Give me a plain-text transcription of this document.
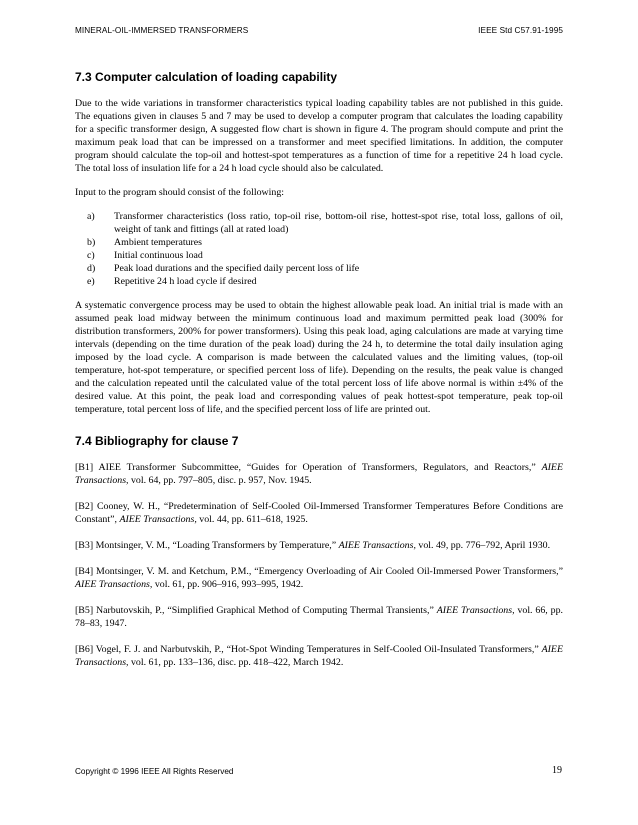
MINERAL-OIL-IMMERSED TRANSFORMERS	IEEE Std C57.91-1995
7.3 Computer calculation of loading capability

Due to the wide variations in transformer characteristics typical loading capability tables are not published in this guide. The equations given in clauses 5 and 7 may be used to develop a computer program that calculates the loading capability for a specific transformer design, A suggested flow chart is shown in figure 4. The program should compute and print the maximum peak load that can be impressed on a transformer and meet specified limitations. In addition, the computer program should calculate the top-oil and hottest-spot temperatures as a function of time for a repetitive 24 h load cycle. The total loss of insulation life for a 24 h load cycle should also be calculated.

Input to the program should consist of the following:

a) Transformer characteristics (loss ratio, top-oil rise, bottom-oil rise, hottest-spot rise, total loss, gallons of oil, weight of tank and fittings (all at rated load)
b) Ambient temperatures
c) Initial continuous load
d) Peak load durations and the specified daily percent loss of life
e) Repetitive 24 h load cycle if desired

A systematic convergence process may be used to obtain the highest allowable peak load. An initial trial is made with an assumed peak load midway between the minimum continuous load and maximum permitted peak load (300% for distribution transformers, 200% for power transformers). Using this peak load, aging calculations are made at varying time intervals (depending on the time duration of the peak load) during the 24 h, to determine the total daily insulation aging imposed by the load cycle. A comparison is made between the calculated values and the limiting values, (top-oil temperature, hot-spot temperature, or specified percent loss of life). Depending on the results, the peak value is changed and the calculation repeated until the calculated value of the total percent loss of life above normal is within ±4% of the desired value. At this point, the peak load and corresponding values of peak hottest-spot temperature, peak top-oil temperature, total percent loss of life, and the specified percent loss of life are printed out.

7.4 Bibliography for clause 7

[B1] AIEE Transformer Subcommittee, “Guides for Operation of Transformers, Regulators, and Reactors,” AIEE Transactions, vol. 64, pp. 797–805, disc. p. 957, Nov. 1945.

[B2] Cooney, W. H., “Predetermination of Self-Cooled Oil-Immersed Transformer Temperatures Before Conditions are Constant”, AIEE Transactions, vol. 44, pp. 611–618, 1925.

[B3] Montsinger, V. M., “Loading Transformers by Temperature,” AIEE Transactions, vol. 49, pp. 776–792, April 1930.

[B4] Montsinger, V. M. and Ketchum, P.M., “Emergency Overloading of Air Cooled Oil-Immersed Power Transformers,” AIEE Transactions, vol. 61, pp. 906–916, 993–995, 1942.

[B5] Narbutovskih, P., “Simplified Graphical Method of Computing Thermal Transients,” AIEE Transactions, vol. 66, pp. 78–83, 1947.

[B6] Vogel, F. J. and Narbutvskih, P., “Hot-Spot Winding Temperatures in Self-Cooled Oil-Insulated Transformers,” AIEE Transactions, vol. 61, pp. 133–136, disc. pp. 418–422, March 1942.

Copyright © 1996 IEEE All Rights Reserved	19
